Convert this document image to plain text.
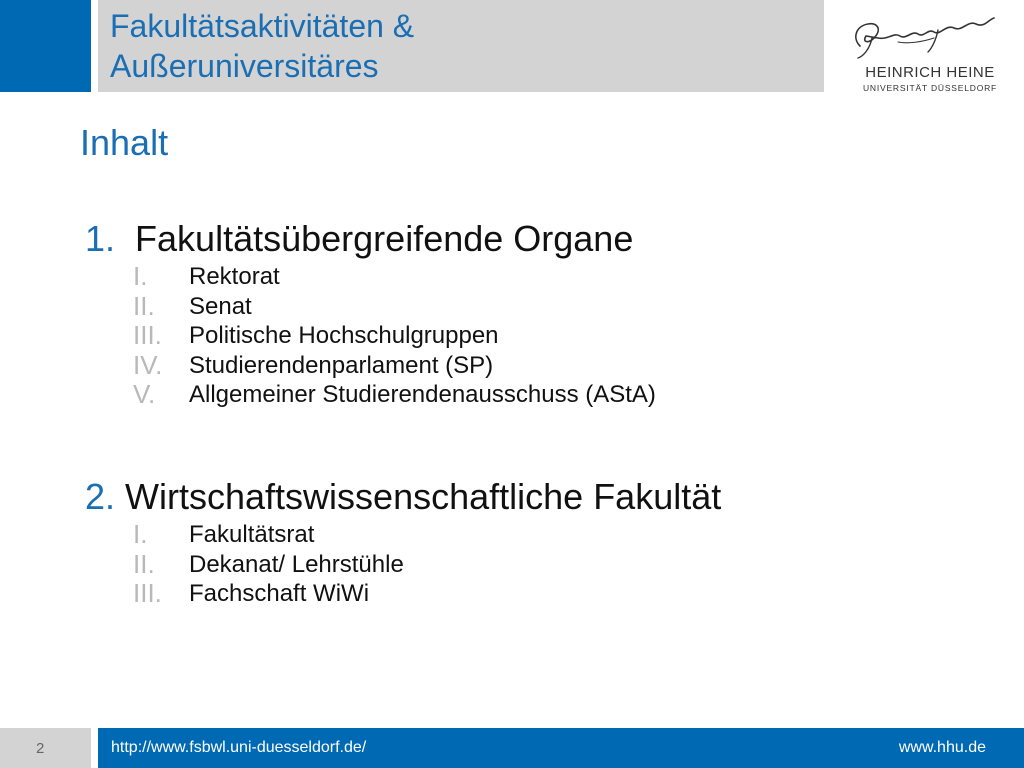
Fakultätsaktivitäten &
Außeruniversitäres	HEINRICH HEINE
UNIVERSITÄT DÜSSELDORF
Inhalt
1. Fakultätsübergreifende Organe
I. Rektorat
II. Senat
III. Politische Hochschulgruppen
IV. Studierendenparlament (SP)
V. Allgemeiner Studierendenausschuss (AStA)
2. Wirtschaftswissenschaftliche Fakultät
I. Fakultätsrat
II. Dekanat/ Lehrstühle
III. Fachschaft WiWi
2	http://www.fsbwl.uni-duesseldorf.de/	www.hhu.de
